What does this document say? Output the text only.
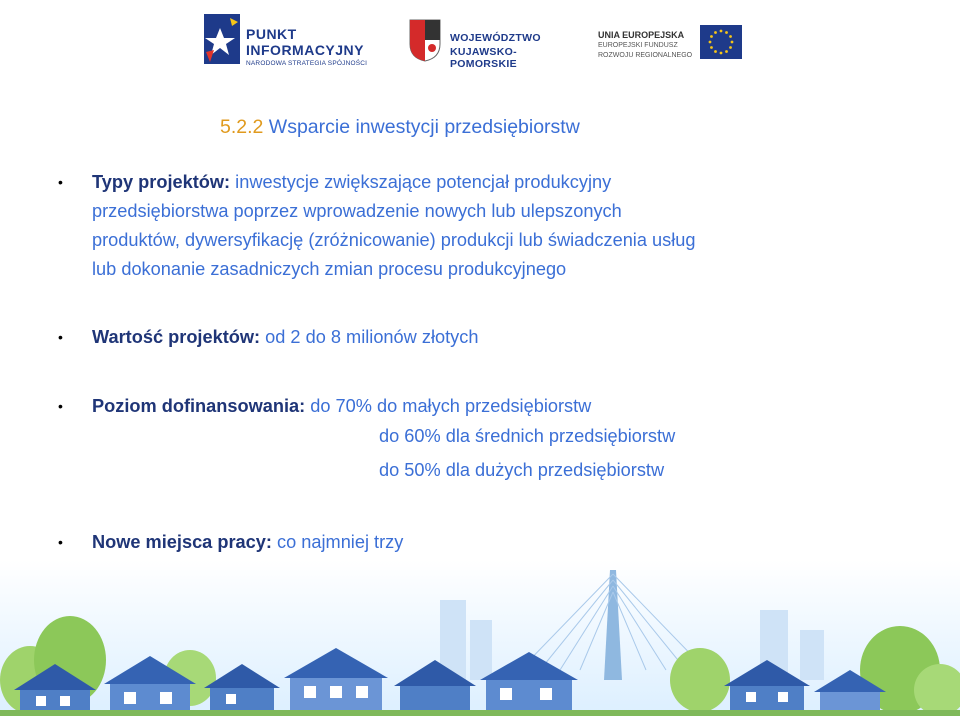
PUNKT
INFORMACYJNY
NARODOWA STRATEGIA SPÓJNOŚCI
WOJEWÓDZTWO
KUJAWSKO-POMORSKIE
UNIA EUROPEJSKA
EUROPEJSKI FUNDUSZ
ROZWOJU REGIONALNEGO
5.2.2 Wsparcie inwestycji przedsiębiorstw
• Typy projektów: inwestycje zwiększające potencjał produkcyjny
przedsiębiorstwa poprzez wprowadzenie nowych lub ulepszonych
produktów, dywersyfikację (zróżnicowanie) produkcji lub świadczenia usług
lub dokonanie zasadniczych zmian procesu produkcyjnego
• Wartość projektów: od 2 do 8 milionów złotych
• Poziom dofinansowania: do 70% do małych przedsiębiorstw
do 60% dla średnich przedsiębiorstw
do 50% dla dużych przedsiębiorstw
• Nowe miejsca pracy: co najmniej trzy
